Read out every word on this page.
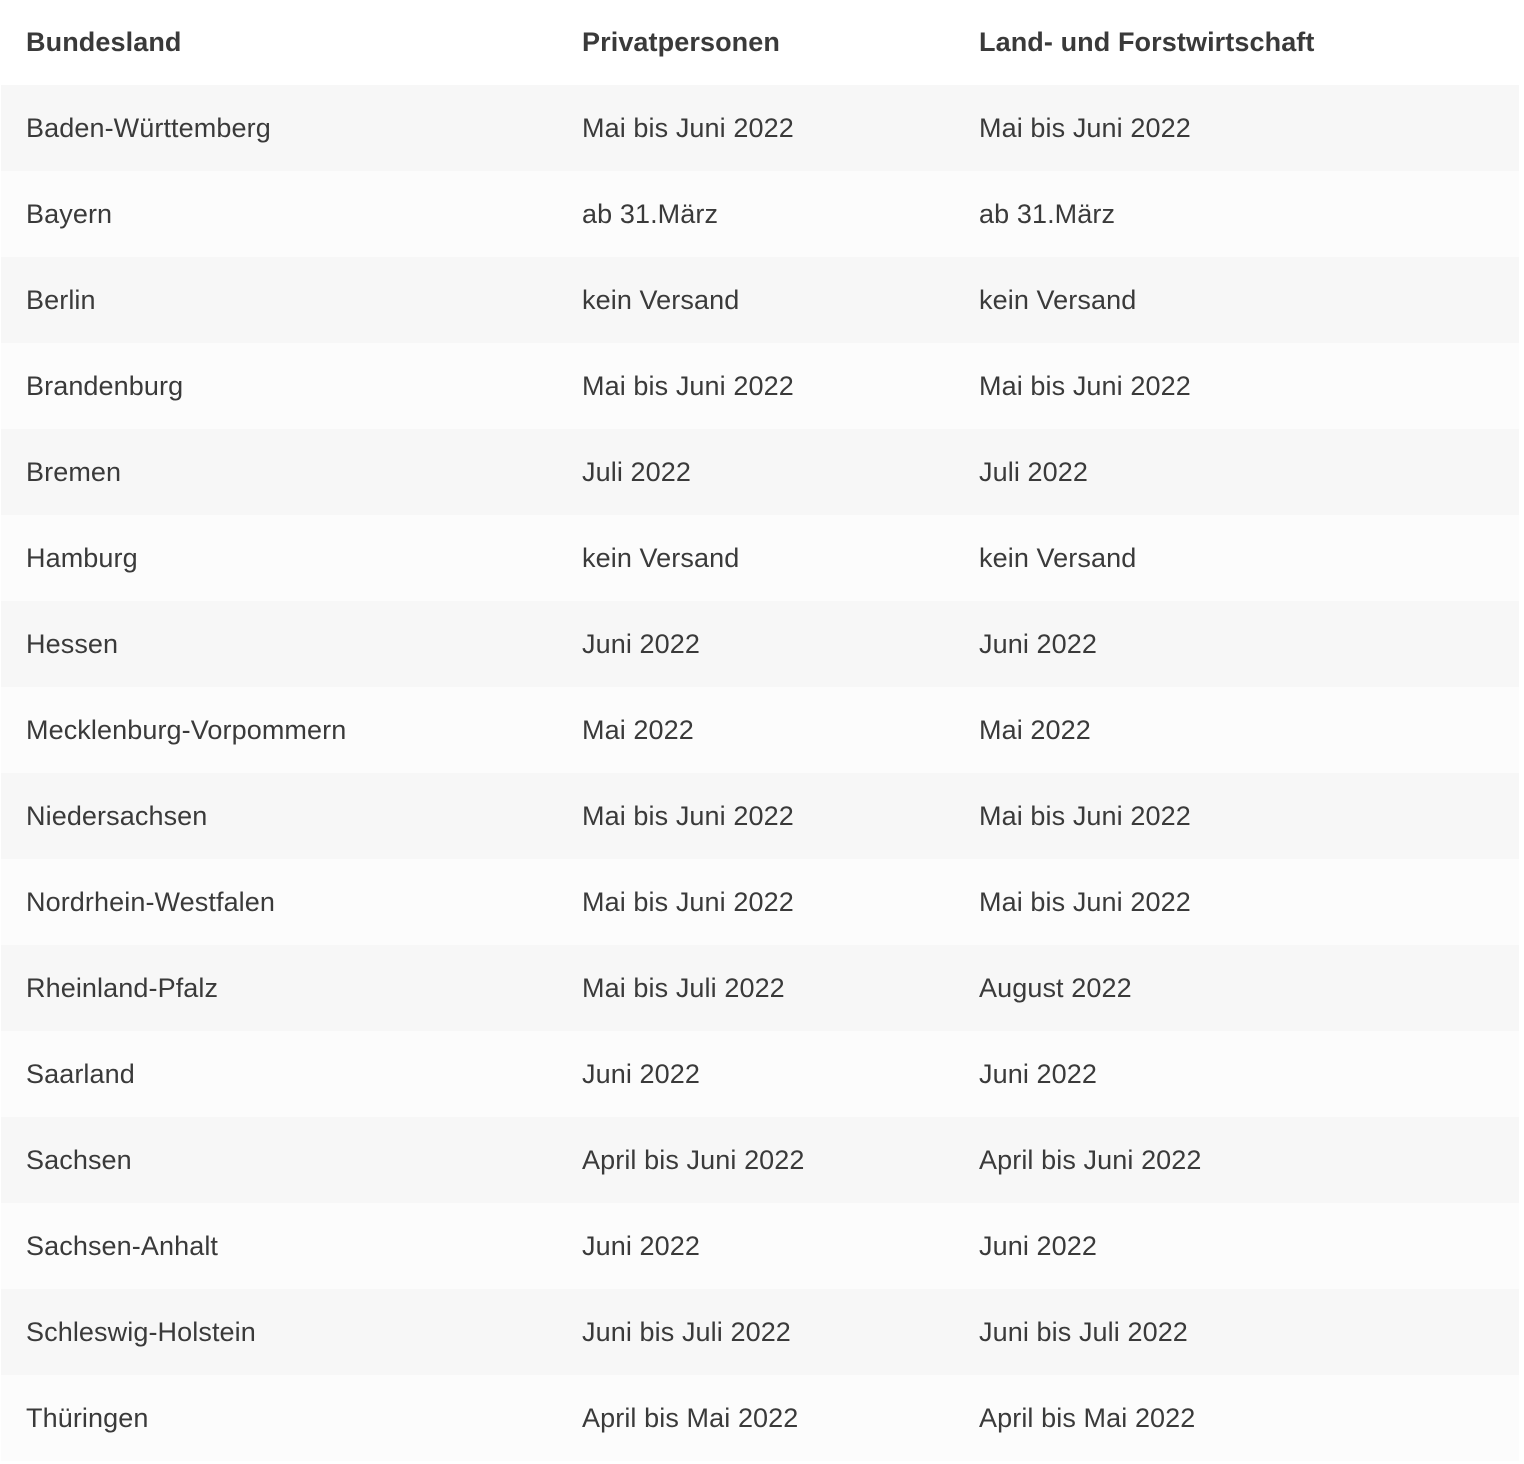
Bundesland	Privatpersonen	Land- und Forstwirtschaft
Baden-Württemberg	Mai bis Juni 2022	Mai bis Juni 2022
Bayern	ab 31.März	ab 31.März
Berlin	kein Versand	kein Versand
Brandenburg	Mai bis Juni 2022	Mai bis Juni 2022
Bremen	Juli 2022	Juli 2022
Hamburg	kein Versand	kein Versand
Hessen	Juni 2022	Juni 2022
Mecklenburg-Vorpommern	Mai 2022	Mai 2022
Niedersachsen	Mai bis Juni 2022	Mai bis Juni 2022
Nordrhein-Westfalen	Mai bis Juni 2022	Mai bis Juni 2022
Rheinland-Pfalz	Mai bis Juli 2022	August 2022
Saarland	Juni 2022	Juni 2022
Sachsen	April bis Juni 2022	April bis Juni 2022
Sachsen-Anhalt	Juni 2022	Juni 2022
Schleswig-Holstein	Juni bis Juli 2022	Juni bis Juli 2022
Thüringen	April bis Mai 2022	April bis Mai 2022
